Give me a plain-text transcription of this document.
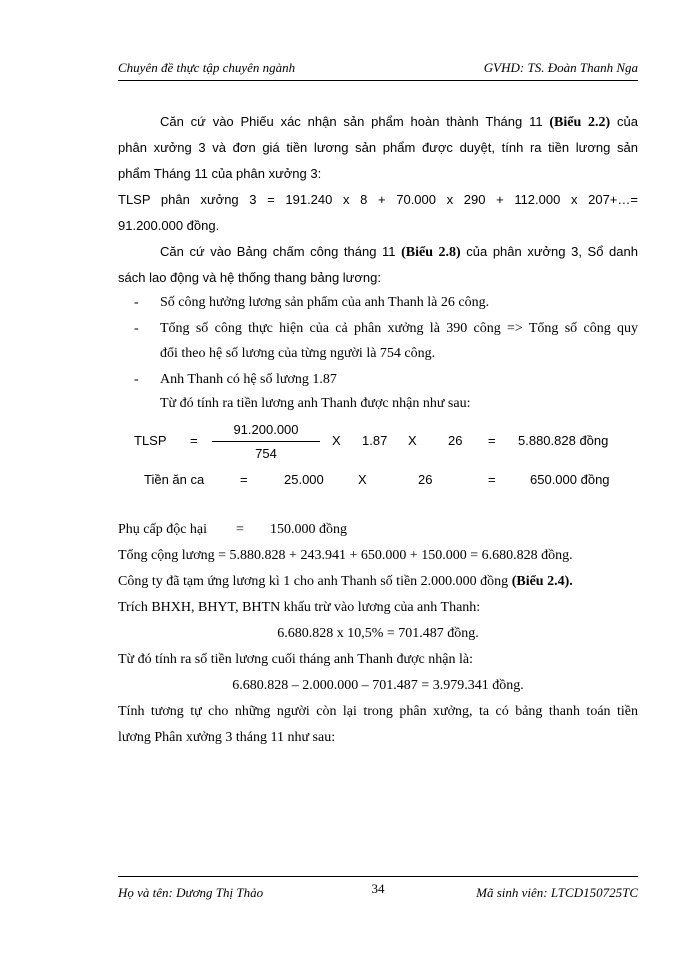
Chuyên đề thực tập chuyên ngành	GVHD: TS. Đoàn Thanh Nga
Căn cứ vào Phiếu xác nhận sản phẩm hoàn thành Tháng 11 (Biểu 2.2) của
phân xưởng 3 và đơn giá tiền lương sản phẩm được duyệt, tính ra tiền lương sản
phẩm Tháng 11 của phân xưởng 3:
TLSP phân xưởng 3 = 191.240 x 8 + 70.000 x 290 + 112.000 x 207+…=
91.200.000 đồng.
Căn cứ vào Bảng chấm công tháng 11 (Biểu 2.8) của phân xưởng 3, Sổ danh
sách lao động và hệ thống thang bảng lương:
- Số công hưởng lương sản phẩm của anh Thanh là 26 công.
- Tổng số công thực hiện của cả phân xưởng là 390 công => Tổng số công quy
đổi theo hệ số lương của từng người là 754 công.
- Anh Thanh có hệ số lương 1.87
Từ đó tính ra tiền lương anh Thanh được nhận như sau:
TLSP =
91.200.000
754
X 1.87 X 26 = 5.880.828 đồng
Tiền ăn ca	=	25.000	X	26	=	650.000 đồng
Phụ cấp độc hại = 150.000 đồng
Tổng cộng lương = 5.880.828 + 243.941 + 650.000 + 150.000 = 6.680.828 đồng.
Công ty đã tạm ứng lương kì 1 cho anh Thanh số tiền 2.000.000 đồng (Biểu 2.4).
Trích BHXH, BHYT, BHTN khấu trừ vào lương của anh Thanh:
6.680.828 x 10,5% = 701.487 đồng.
Từ đó tính ra số tiền lương cuối tháng anh Thanh được nhận là:
6.680.828 – 2.000.000 – 701.487 = 3.979.341 đồng.
Tính tương tự cho những người còn lại trong phân xưởng, ta có bảng thanh toán tiền
lương Phân xưởng 3 tháng 11 như sau:
Họ và tên: Dương Thị Thảo	34	Mã sinh viên: LTCD150725TC
